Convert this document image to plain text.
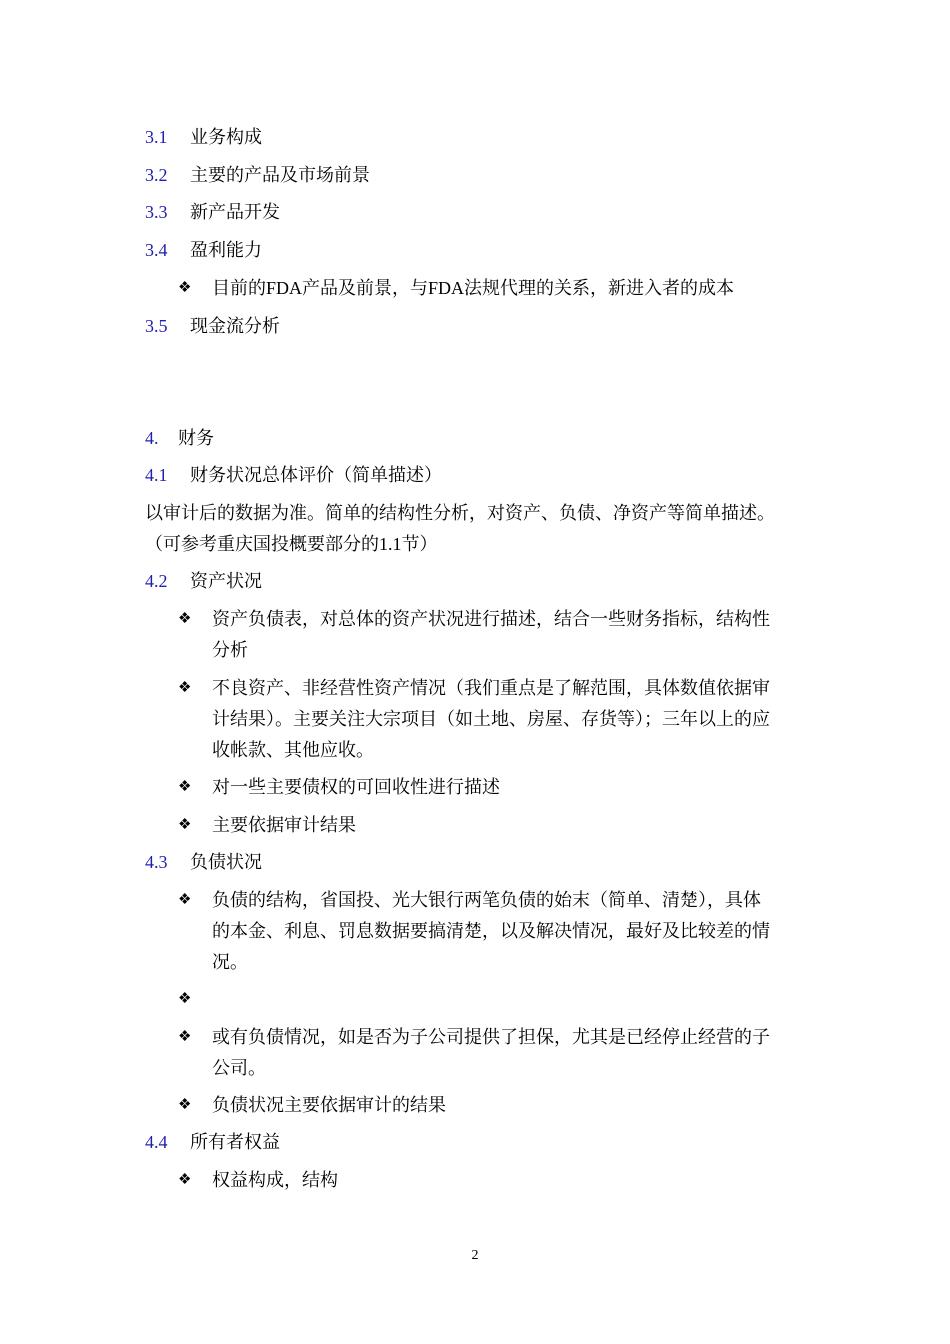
3.1 业务构成
3.2 主要的产品及市场前景
3.3 新产品开发
3.4 盈利能力
❖ 目前的FDA产品及前景，与FDA法规代理的关系，新进入者的成本
3.5 现金流分析
4. 财务
4.1 财务状况总体评价（简单描述）
以审计后的数据为准。简单的结构性分析，对资产、负债、净资产等简单描述。
（可参考重庆国投概要部分的1.1节）
4.2 资产状况
❖ 资产负债表，对总体的资产状况进行描述，结合一些财务指标，结构性
分析
❖ 不良资产、非经营性资产情况（我们重点是了解范围，具体数值依据审
计结果）。主要关注大宗项目（如土地、房屋、存货等）；三年以上的应
收帐款、其他应收。
❖ 对一些主要债权的可回收性进行描述
❖ 主要依据审计结果
4.3 负债状况
❖ 负债的结构，省国投、光大银行两笔负债的始末（简单、清楚），具体
的本金、利息、罚息数据要搞清楚，以及解决情况，最好及比较差的情
况。
❖
❖ 或有负债情况，如是否为子公司提供了担保，尤其是已经停止经营的子
公司。
❖ 负债状况主要依据审计的结果
4.4 所有者权益
❖ 权益构成，结构
2
